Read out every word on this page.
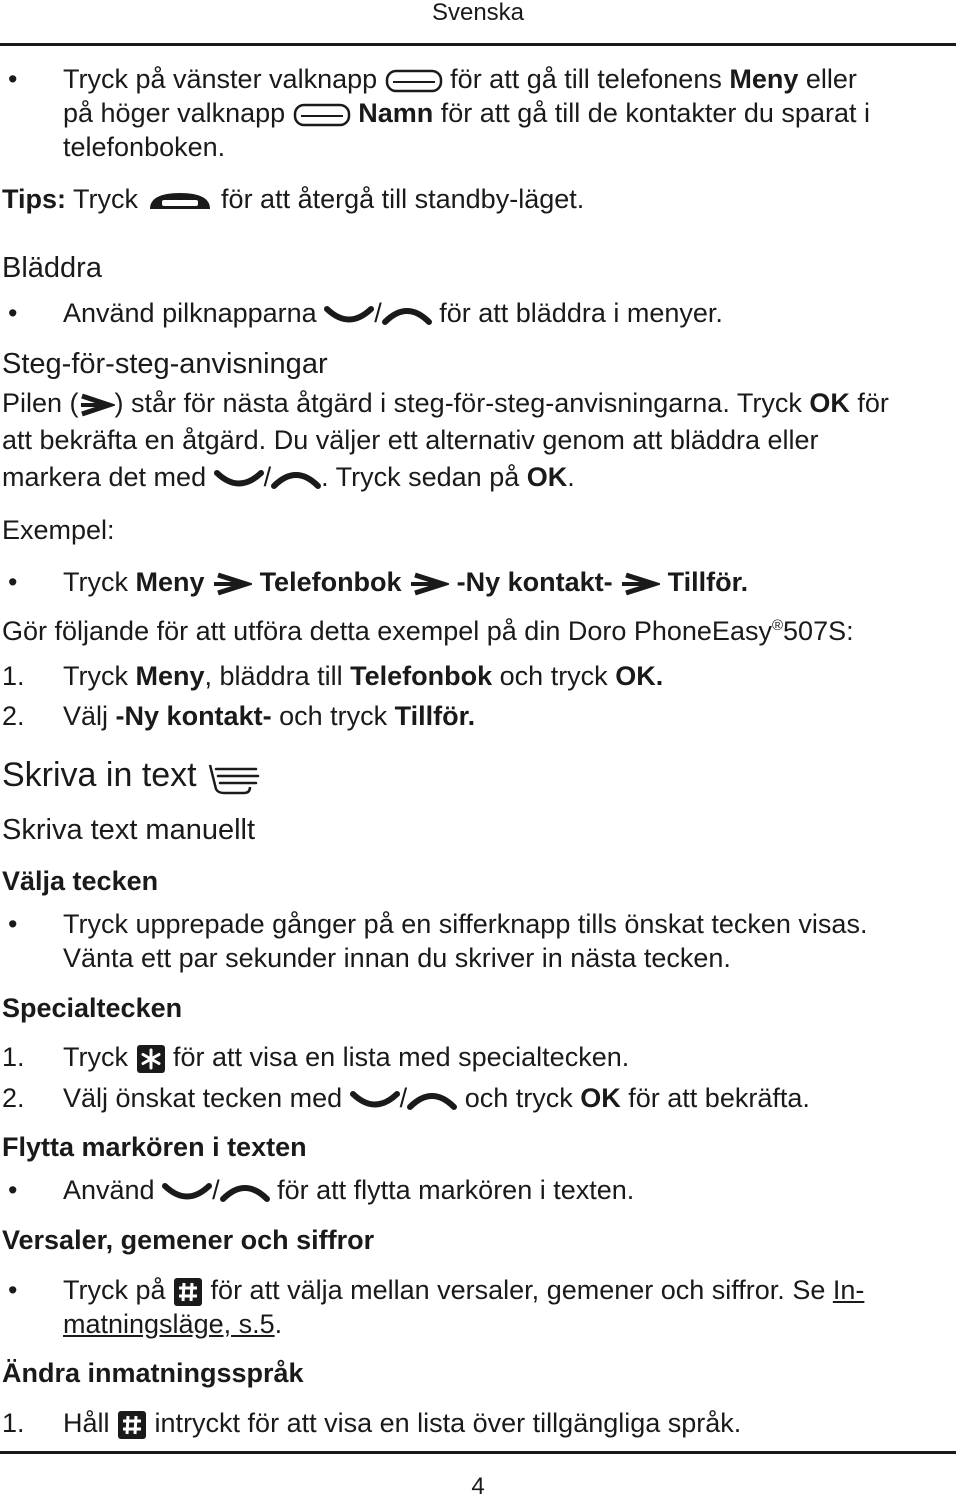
Svenska
• Tryck på vänster valknapp	för att gå till telefonens Meny eller
på höger valknapp	Namn för att gå till de kontakter du sparat i
telefonboken.
Tips: Tryck	för att återgå till standby-läget.
Bläddra
• Använd pilknapparna / för att bläddra i menyer.
Steg-för-steg-anvisningar
Pilen ( ) står för nästa åtgärd i steg-för-steg-anvisningarna. Tryck OK för
att bekräfta en åtgärd. Du väljer ett alternativ genom att bläddra eller
markera det med / . Tryck sedan på OK.
Exempel:
• Tryck Meny Telefonbok -Ny kontakt- Tillför.
Gör följande för att utföra detta exempel på din Doro PhoneEasy®507S:
1. Tryck Meny, bläddra till Telefonbok och tryck OK.
2. Välj -Ny kontakt- och tryck Tillför.
Skriva in text
Skriva text manuellt
Välja tecken
• Tryck upprepade gånger på en sifferknapp tills önskat tecken visas.
Vänta ett par sekunder innan du skriver in nästa tecken.
Specialtecken
1. Tryck för att visa en lista med specialtecken.
2. Välj önskat tecken med / och tryck OK för att bekräfta.
Flytta markören i texten
• Använd / för att flytta markören i texten.
Versaler, gemener och siffror
• Tryck på för att välja mellan versaler, gemener och siffror. Se In-
matningsläge, s.5.
Ändra inmatningsspråk
1. Håll intryckt för att visa en lista över tillgängliga språk.
4
